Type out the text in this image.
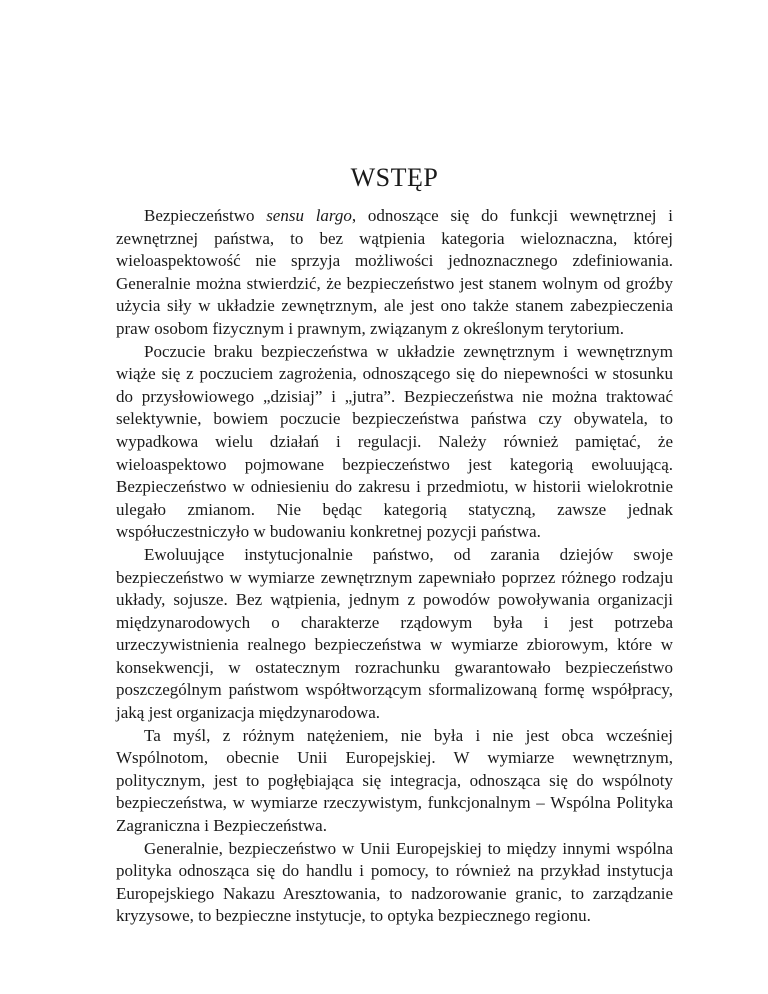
WSTĘP

Bezpieczeństwo sensu largo, odnoszące się do funkcji wewnętrznej i zewnętrznej państwa, to bez wątpienia kategoria wieloznaczna, której wieloaspektowość nie sprzyja możliwości jednoznacznego zdefiniowania. Generalnie można stwierdzić, że bezpieczeństwo jest stanem wolnym od groźby użycia siły w układzie zewnętrznym, ale jest ono także stanem zabezpieczenia praw osobom fizycznym i prawnym, związanym z określonym terytorium.

Poczucie braku bezpieczeństwa w układzie zewnętrznym i wewnętrznym wiąże się z poczuciem zagrożenia, odnoszącego się do niepewności w stosunku do przysłowiowego „dzisiaj” i „jutra”. Bezpieczeństwa nie można traktować selektywnie, bowiem poczucie bezpieczeństwa państwa czy obywatela, to wypadkowa wielu działań i regulacji. Należy również pamiętać, że wieloaspektowo pojmowane bezpieczeństwo jest kategorią ewoluującą. Bezpieczeństwo w odniesieniu do zakresu i przedmiotu, w historii wielokrotnie ulegało zmianom. Nie będąc kategorią statyczną, zawsze jednak współuczestniczyło w budowaniu konkretnej pozycji państwa.

Ewoluujące instytucjonalnie państwo, od zarania dziejów swoje bezpieczeństwo w wymiarze zewnętrznym zapewniało poprzez różnego rodzaju układy, sojusze. Bez wątpienia, jednym z powodów powoływania organizacji międzynarodowych o charakterze rządowym była i jest potrzeba urzeczywistnienia realnego bezpieczeństwa w wymiarze zbiorowym, które w konsekwencji, w ostatecznym rozrachunku gwarantowało bezpieczeństwo poszczególnym państwom współtworzącym sformalizowaną formę współpracy, jaką jest organizacja międzynarodowa.

Ta myśl, z różnym natężeniem, nie była i nie jest obca wcześniej Wspólnotom, obecnie Unii Europejskiej. W wymiarze wewnętrznym, politycznym, jest to pogłębiająca się integracja, odnosząca się do wspólnoty bezpieczeństwa, w wymiarze rzeczywistym, funkcjonalnym – Wspólna Polityka Zagraniczna i Bezpieczeństwa.

Generalnie, bezpieczeństwo w Unii Europejskiej to między innymi wspólna polityka odnosząca się do handlu i pomocy, to również na przykład instytucja Europejskiego Nakazu Aresztowania, to nadzorowanie granic, to zarządzanie kryzysowe, to bezpieczne instytucje, to optyka bezpiecznego regionu.
